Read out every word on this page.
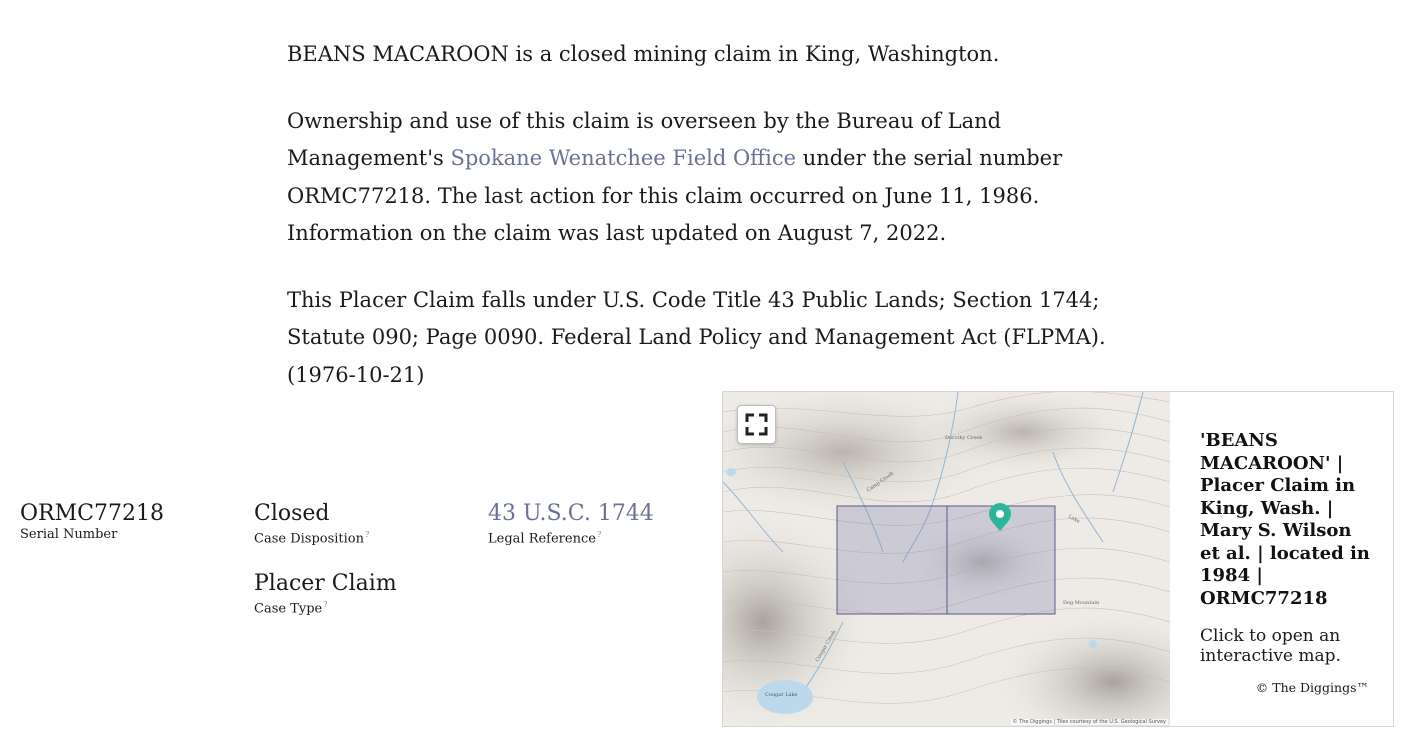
BEANS MACAROON is a closed mining claim in King, Washington.

Ownership and use of this claim is overseen by the Bureau of Land Management's Spokane Wenatchee Field Office under the serial number ORMC77218. The last action for this claim occurred on June 11, 1986. Information on the claim was last updated on August 7, 2022.

This Placer Claim falls under U.S. Code Title 43 Public Lands; Section 1744; Statute 090; Page 0090. Federal Land Policy and Management Act (FLPMA). (1976-10-21)

ORMC77218
Serial Number
Closed
Case Disposition?
43 U.S.C. 1744
Legal Reference?
Placer Claim
Case Type?
Dorothy Creek
Camp Creek
Lake
Cougar Lake
Dog Mountain
Cougar Creek
© The Diggings | Tiles courtesy of the U.S. Geological Survey

'BEANS MACAROON' | Placer Claim in King, Wash. | Mary S. Wilson et al. | located in 1984 | ORMC77218

Click to open an interactive map.
© The Diggings™
